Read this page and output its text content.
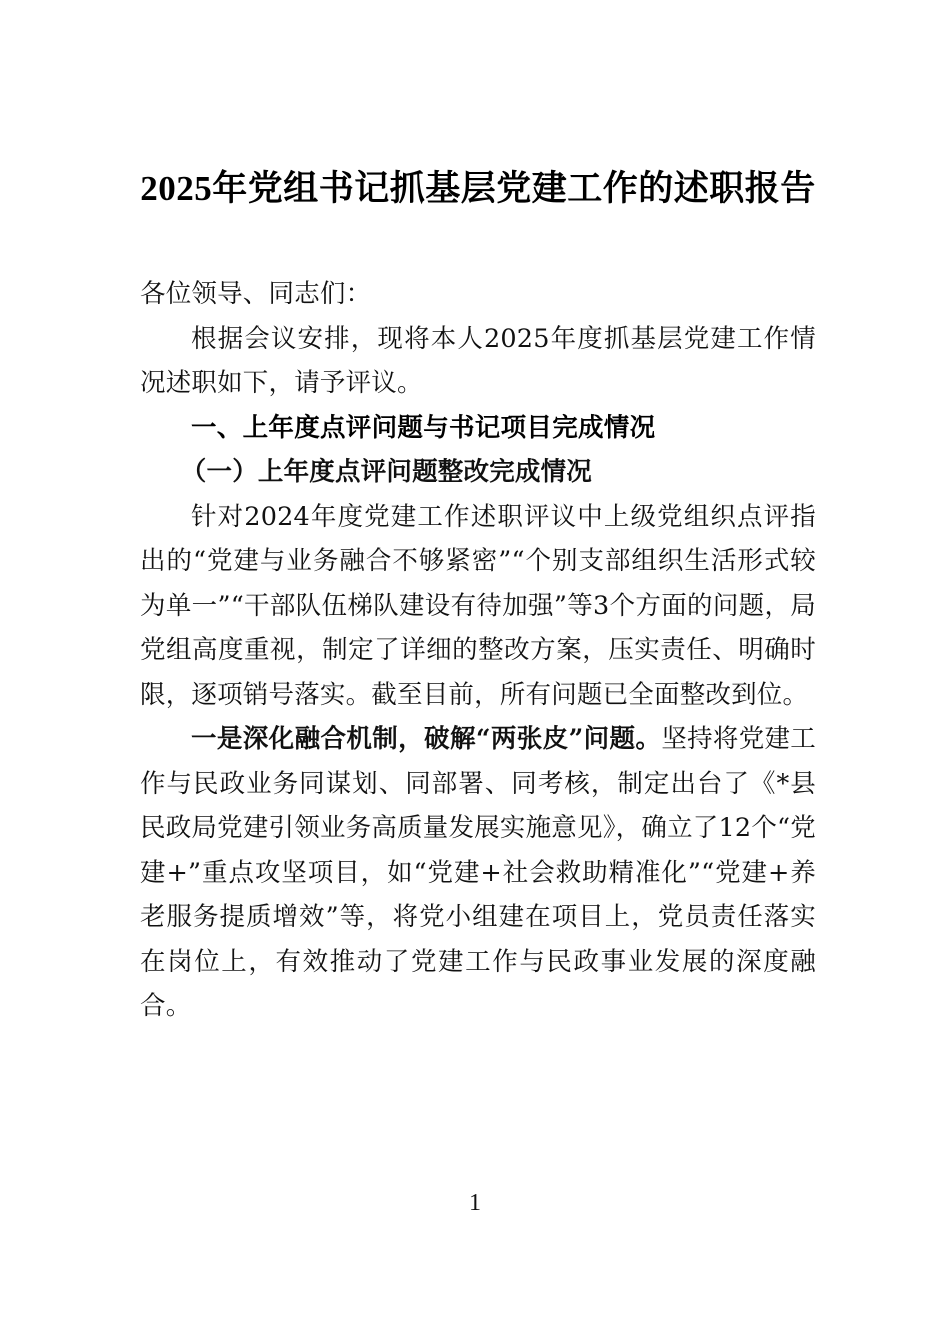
2025年党组书记抓基层党建工作的述职报告

各位领导、同志们：

根据会议安排，现将本人2025年度抓基层党建工作情况述职如下，请予评议。

一、上年度点评问题与书记项目完成情况
（一）上年度点评问题整改完成情况

针对2024年度党建工作述职评议中上级党组织点评指出的“党建与业务融合不够紧密”“个别支部组织生活形式较为单一”“干部队伍梯队建设有待加强”等3个方面的问题，局党组高度重视，制定了详细的整改方案，压实责任、明确时限，逐项销号落实。截至目前，所有问题已全面整改到位。

一是深化融合机制，破解“两张皮”问题。坚持将党建工作与民政业务同谋划、同部署、同考核，制定出台了《*县民政局党建引领业务高质量发展实施意见》，确立了12个“党建+”重点攻坚项目，如“党建+社会救助精准化”“党建+养老服务提质增效”等，将党小组建在项目上，党员责任落实在岗位上，有效推动了党建工作与民政事业发展的深度融合。

1
